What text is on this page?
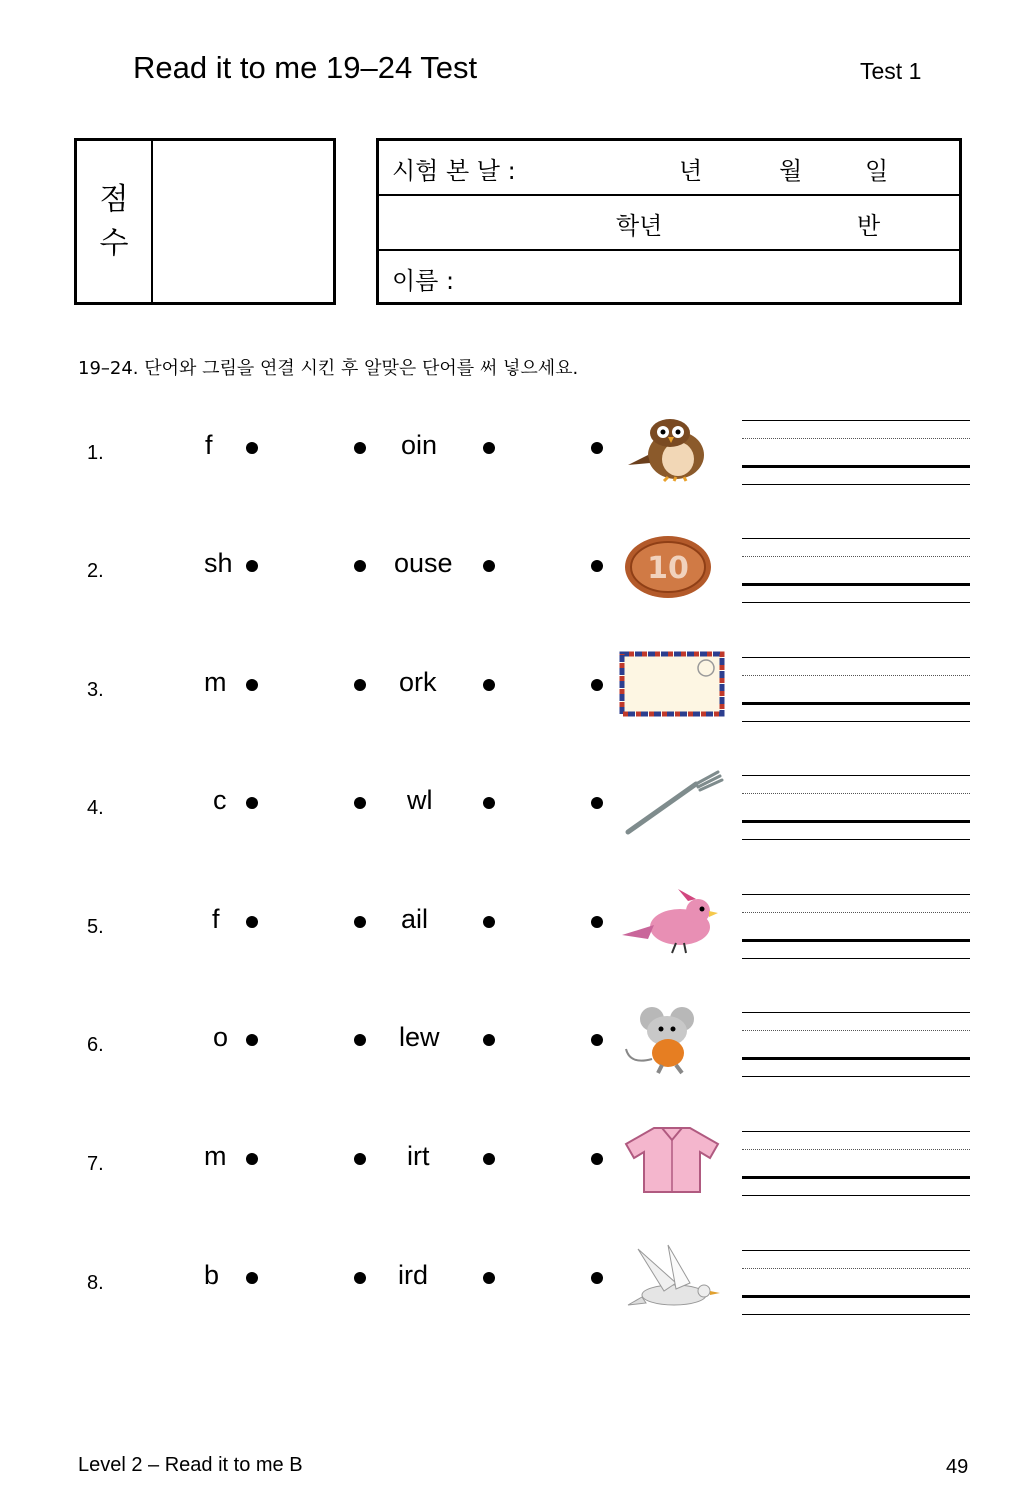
Read it to me 19–24 Test	Test 1
점
수
시험 본 날 :	년	월	일
학년	반
이름 :
19–24. 단어와 그림을 연결 시킨 후 알맞은 단어를 써 넣으세요.
1.	f	oin
2.	sh	ouse	10
3.	m	ork
4.	c	wl
5.	f	ail
6.	o	lew
7.	m	irt
8.	b	ird
Level 2 – Read it to me B	49
